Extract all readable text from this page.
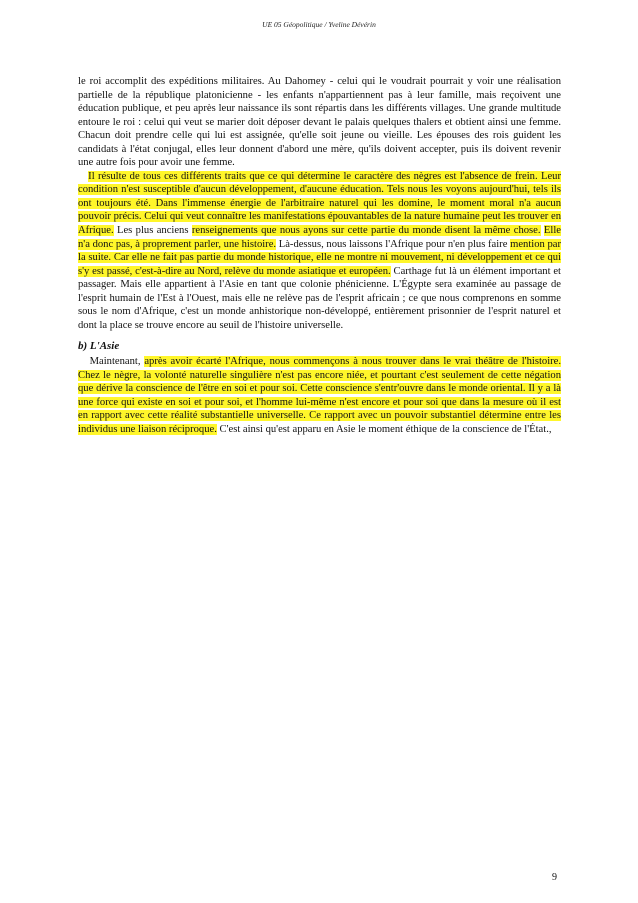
UE 05 Géopolitique / Yveline Dévérin

le roi accomplit des expéditions militaires. Au Dahomey - celui qui le voudrait pourrait y voir une réalisation partielle de la république platonicienne - les enfants n'appartiennent pas à leur famille, mais reçoivent une éducation publique, et peu après leur naissance ils sont répartis dans les différents villages. Une grande multitude entoure le roi : celui qui veut se marier doit déposer devant le palais quelques thalers et obtient ainsi une femme. Chacun doit prendre celle qui lui est assignée, qu'elle soit jeune ou vieille. Les épouses des rois guident les candidats à l'état conjugal, elles leur donnent d'abord une mère, qu'ils doivent accepter, puis ils doivent revenir une autre fois pour avoir une femme.
Il résulte de tous ces différents traits que ce qui détermine le caractère des nègres est l'absence de frein. Leur condition n'est susceptible d'aucun développement, d'aucune éducation. Tels nous les voyons aujourd'hui, tels ils ont toujours été. Dans l'immense énergie de l'arbitraire naturel qui les domine, le moment moral n'a aucun pouvoir précis. Celui qui veut connaître les manifestations épouvantables de la nature humaine peut les trouver en Afrique. Les plus anciens renseignements que nous ayons sur cette partie du monde disent la même chose. Elle n'a donc pas, à proprement parler, une histoire. Là-dessus, nous laissons l'Afrique pour n'en plus faire mention par la suite. Car elle ne fait pas partie du monde historique, elle ne montre ni mouvement, ni développement et ce qui s'y est passé, c'est-à-dire au Nord, relève du monde asiatique et européen. Carthage fut là un élément important et passager. Mais elle appartient à l'Asie en tant que colonie phénicienne. L'Égypte sera examinée au passage de l'esprit humain de l'Est à l'Ouest, mais elle ne relève pas de l'esprit africain ; ce que nous comprenons en somme sous le nom d'Afrique, c'est un monde anhistorique non-développé, entièrement prisonnier de l'esprit naturel et dont la place se trouve encore au seuil de l'histoire universelle.

b) L'Asie

Maintenant, après avoir écarté l'Afrique, nous commençons à nous trouver dans le vrai théâtre de l'histoire. Chez le nègre, la volonté naturelle singulière n'est pas encore niée, et pourtant c'est seulement de cette négation que dérive la conscience de l'être en soi et pour soi. Cette conscience s'entr'ouvre dans le monde oriental. Il y a là une force qui existe en soi et pour soi, et l'homme lui-même n'est encore et pour soi que dans la mesure où il est en rapport avec cette réalité substantielle universelle. Ce rapport avec un pouvoir substantiel détermine entre les individus une liaison réciproque. C'est ainsi qu'est apparu en Asie le moment éthique de la conscience de l'État.,

9
